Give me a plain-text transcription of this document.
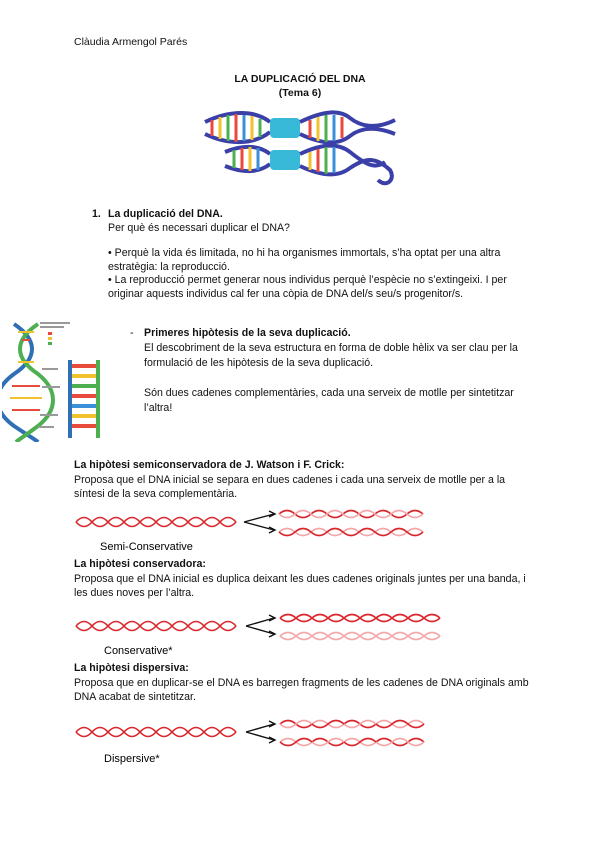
Clàudia Armengol Parés
LA DUPLICACIÓ DEL DNA
(Tema 6)
1. La duplicació del DNA.
Per què és necessari duplicar el DNA?
• Perquè la vida és limitada, no hi ha organismes immortals, s’ha optat per una altra estratègia: la reproducció.
• La reproducció permet generar nous individus perquè l’espècie no s’extingeixi. I per originar aquests individus cal fer una còpia de DNA del/s seu/s progenitor/s.
- Primeres hipòtesis de la seva duplicació.
El descobriment de la seva estructura en forma de doble hèlix va ser clau per la formulació de les hipòtesis de la seva duplicació.
Són dues cadenes complementàries, cada una serveix de motlle per sintetitzar l’altra!
La hipòtesi semiconservadora de J. Watson i F. Crick:
Proposa que el DNA inicial se separa en dues cadenes i cada una serveix de motlle per a la síntesi de la seva complementària.
Semi-Conservative
La hipòtesi conservadora:
Proposa que el DNA inicial es duplica deixant les dues cadenes originals juntes per una banda, i les dues noves per l’altra.
Conservative*
La hipòtesi dispersiva:
Proposa que en duplicar-se el DNA es barregen fragments de les cadenes de DNA originals amb DNA acabat de sintetitzar.
Dispersive*
